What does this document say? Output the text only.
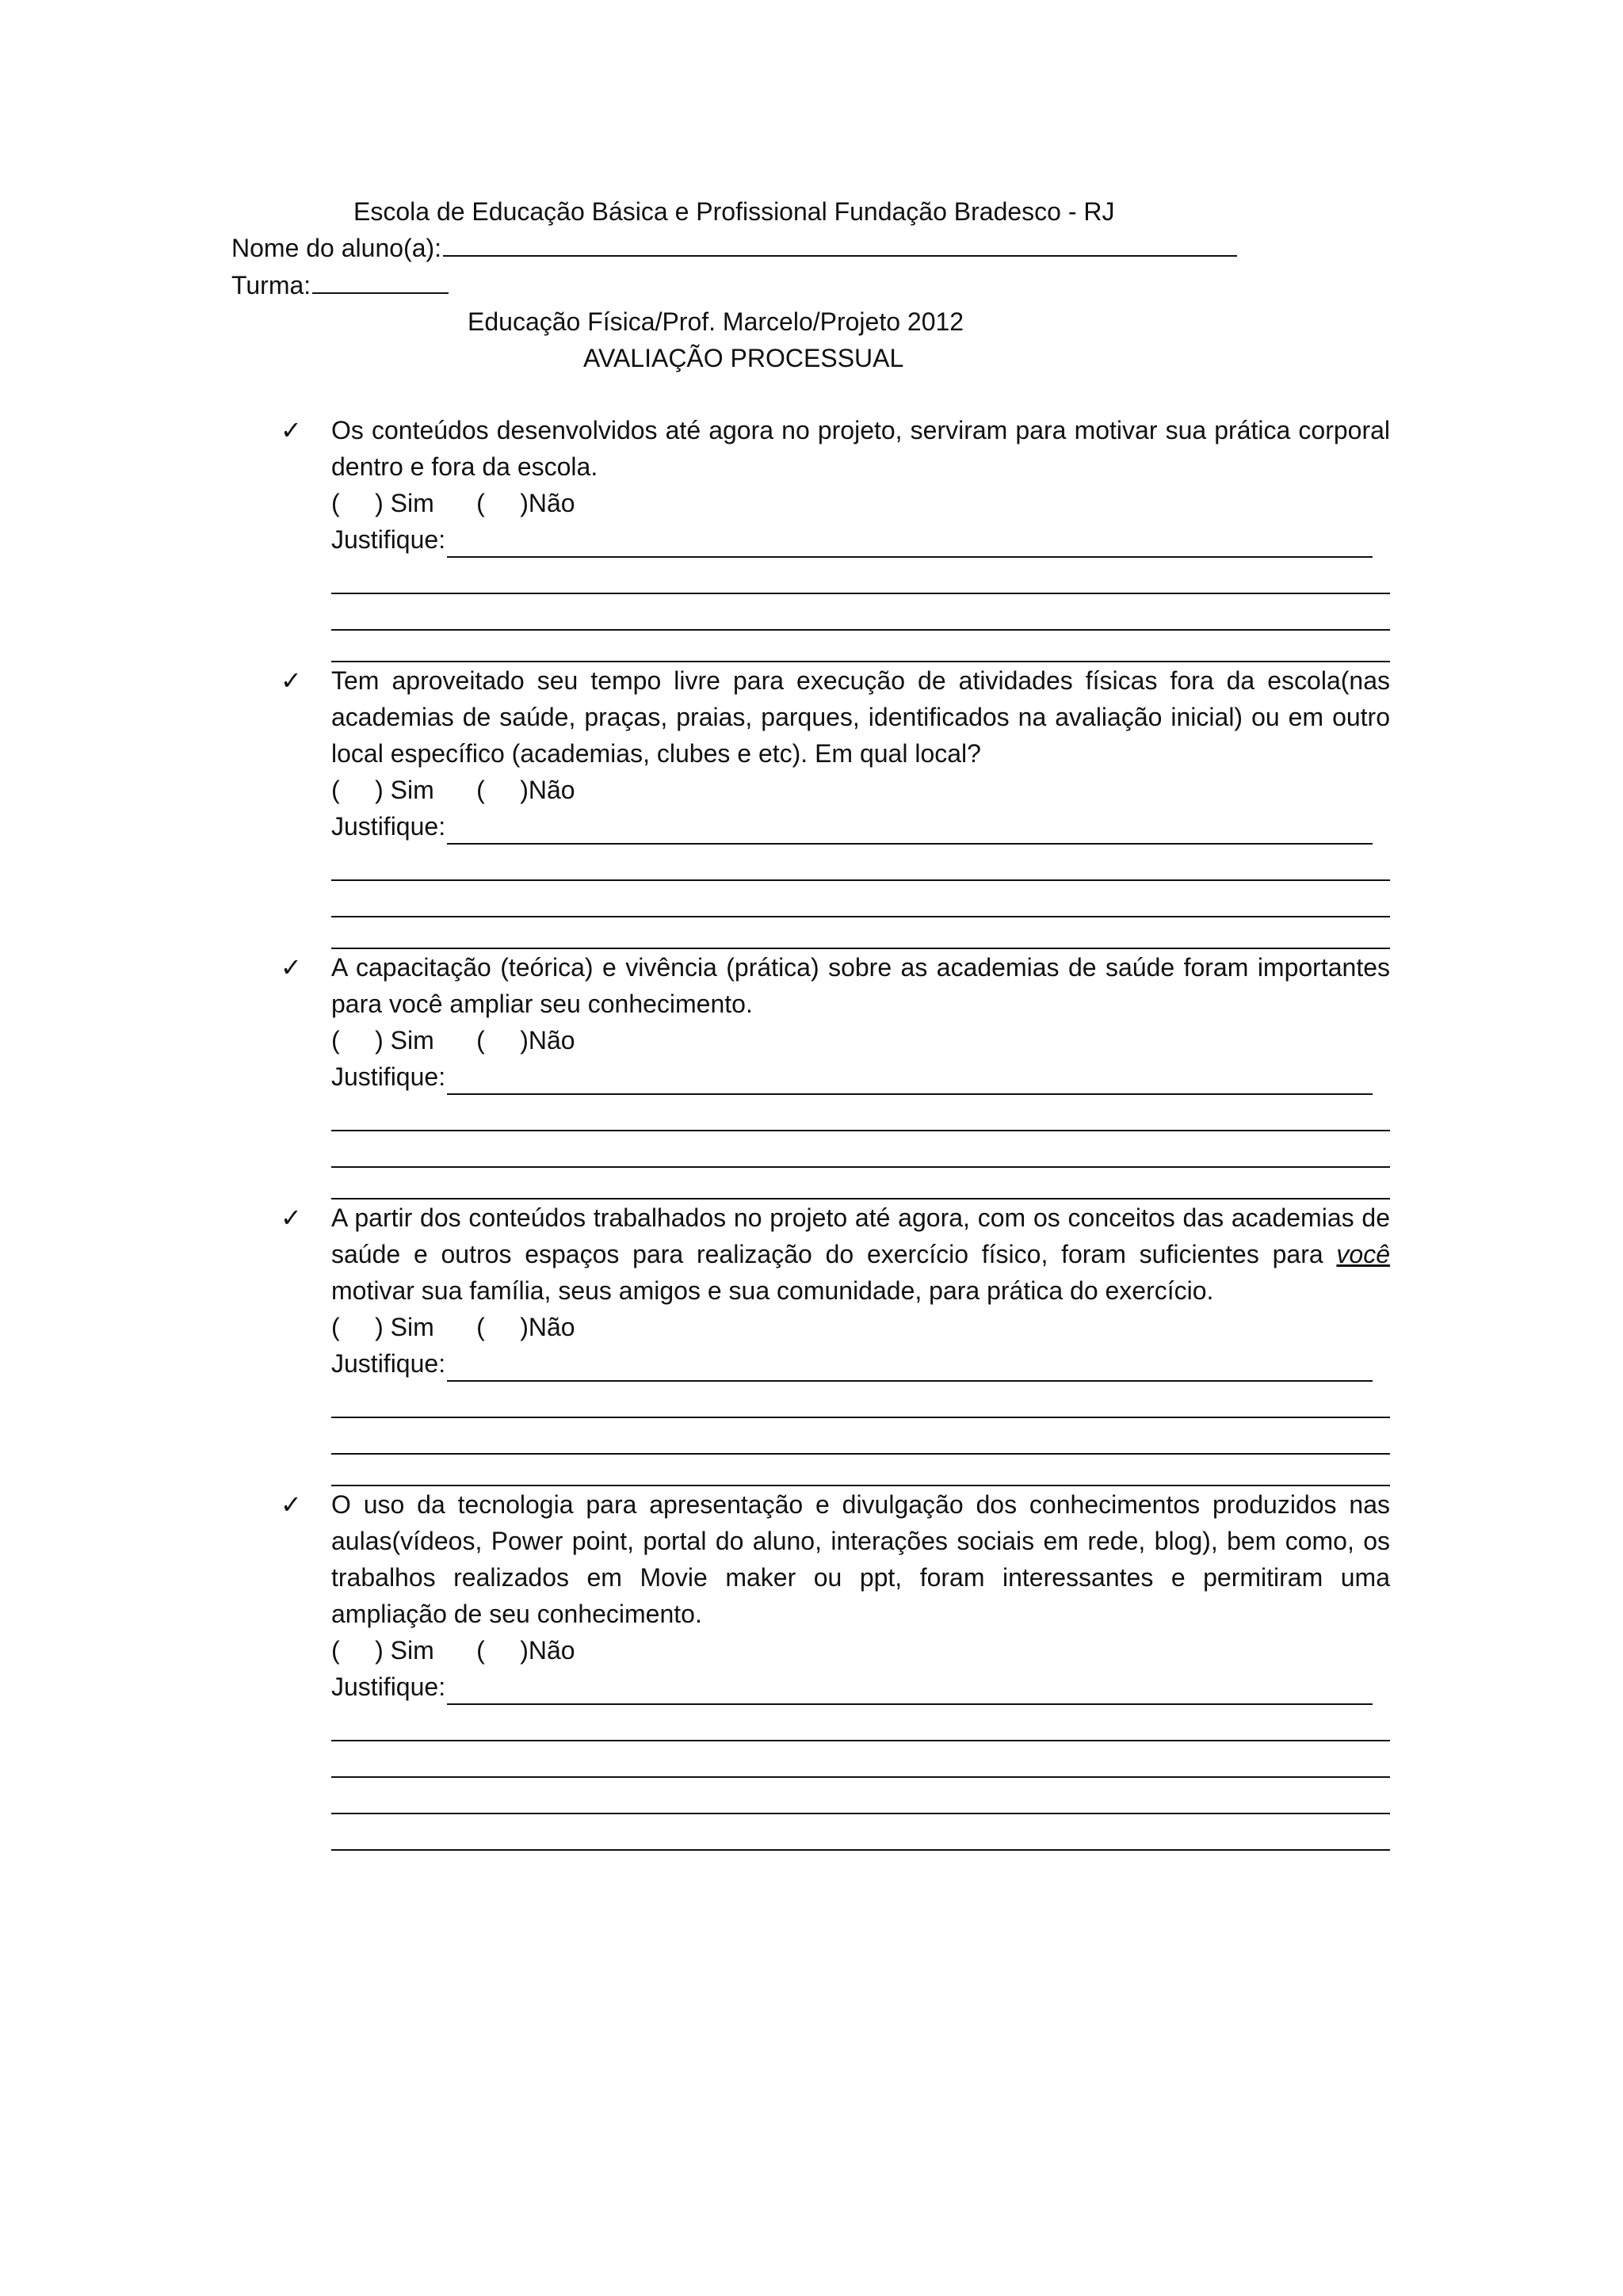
Escola de Educação Básica e Profissional Fundação Bradesco - RJ
Nome do aluno(a):
Turma:
Educação Física/Prof. Marcelo/Projeto 2012
AVALIAÇÃO PROCESSUAL
✓ Os conteúdos desenvolvidos até agora no projeto, serviram para motivar sua prática corporal dentro e fora da escola.

(     ) Sim      (     )Não

Justifique:
✓ Tem aproveitado seu tempo livre para execução de atividades físicas fora da escola(nas academias de saúde, praças, praias, parques, identificados na avaliação inicial) ou em outro local específico (academias, clubes e etc). Em qual local?

(     ) Sim      (     )Não

Justifique:
✓ A capacitação (teórica) e vivência (prática) sobre as academias de saúde foram importantes para você ampliar seu conhecimento.

(     ) Sim      (     )Não

Justifique:
✓ A partir dos conteúdos trabalhados no projeto até agora, com os conceitos das academias de saúde e outros espaços para realização do exercício físico, foram suficientes para você motivar sua família, seus amigos e sua comunidade, para prática do exercício.

(     ) Sim      (     )Não

Justifique:
✓ O uso da tecnologia para apresentação e divulgação dos conhecimentos produzidos nas aulas(vídeos, Power point, portal do aluno, interações sociais em rede, blog), bem como, os trabalhos realizados em Movie maker ou ppt, foram interessantes e permitiram uma ampliação de seu conhecimento.

(     ) Sim      (     )Não

Justifique:
